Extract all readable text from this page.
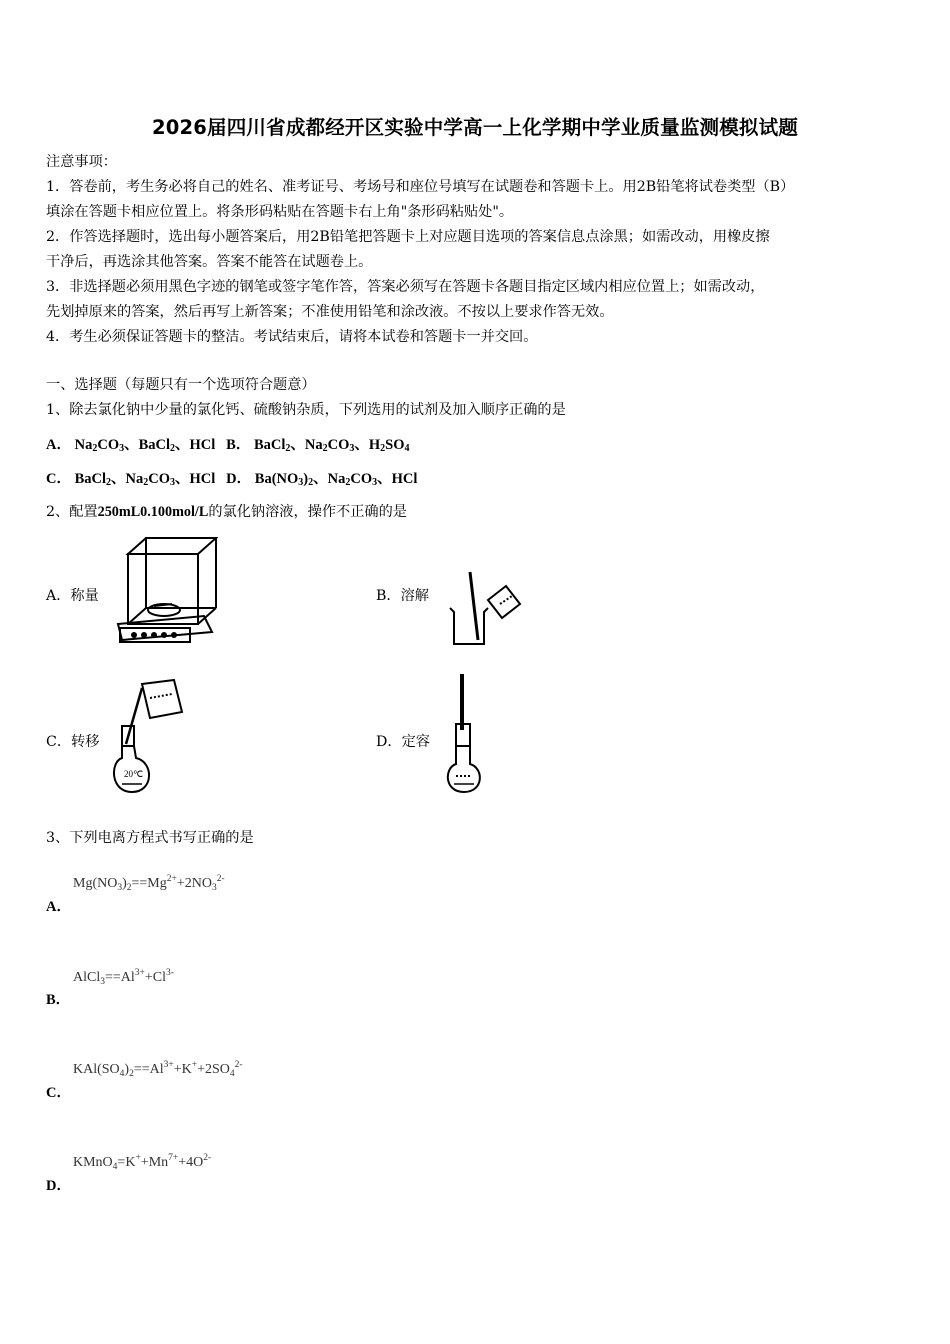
2026届四川省成都经开区实验中学高一上化学期中学业质量监测模拟试题
注意事项：
1．答卷前，考生务必将自己的姓名、准考证号、考场号和座位号填写在试题卷和答题卡上。用2B铅笔将试卷类型（B）
填涂在答题卡相应位置上。将条形码粘贴在答题卡右上角"条形码粘贴处"。
2．作答选择题时，选出每小题答案后，用2B铅笔把答题卡上对应题目选项的答案信息点涂黑；如需改动，用橡皮擦
干净后，再选涂其他答案。答案不能答在试题卷上。
3．非选择题必须用黑色字迹的钢笔或签字笔作答，答案必须写在答题卡各题目指定区域内相应位置上；如需改动，
先划掉原来的答案，然后再写上新答案；不准使用铅笔和涂改液。不按以上要求作答无效。
4．考生必须保证答题卡的整洁。考试结束后，请将本试卷和答题卡一并交回。
一、选择题（每题只有一个选项符合题意）
1、除去氯化钠中少量的氯化钙、硫酸钠杂质，下列选用的试剂及加入顺序正确的是
A． $Na_2CO_3$、BaCl$_2$、HCl B． BaCl$_2$、$Na_2CO_3$、$H_2SO_4$
C． BaCl$_2$、$Na_2CO_3$、HCl D． $Ba(NO_3)_2$、$Na_2CO_3$、HCl
2、配置250mL0.100mol/L的氯化钠溶液，操作不正确的是
A．称量	B．溶解
C．转移	D．定容
20℃
3、下列电离方程式书写正确的是
$Mg(NO_3)_2==Mg^{2+}+2NO_3^{2-}$
A．
$AlCl_3==Al^{3+}+Cl^{3-}$
B．
$KAl(SO_4)_2==Al^{3+}+K^++2SO_4^{2-}$
C．
$KMnO_4=K^++Mn^{7+}+4O^{2-}$
D．
